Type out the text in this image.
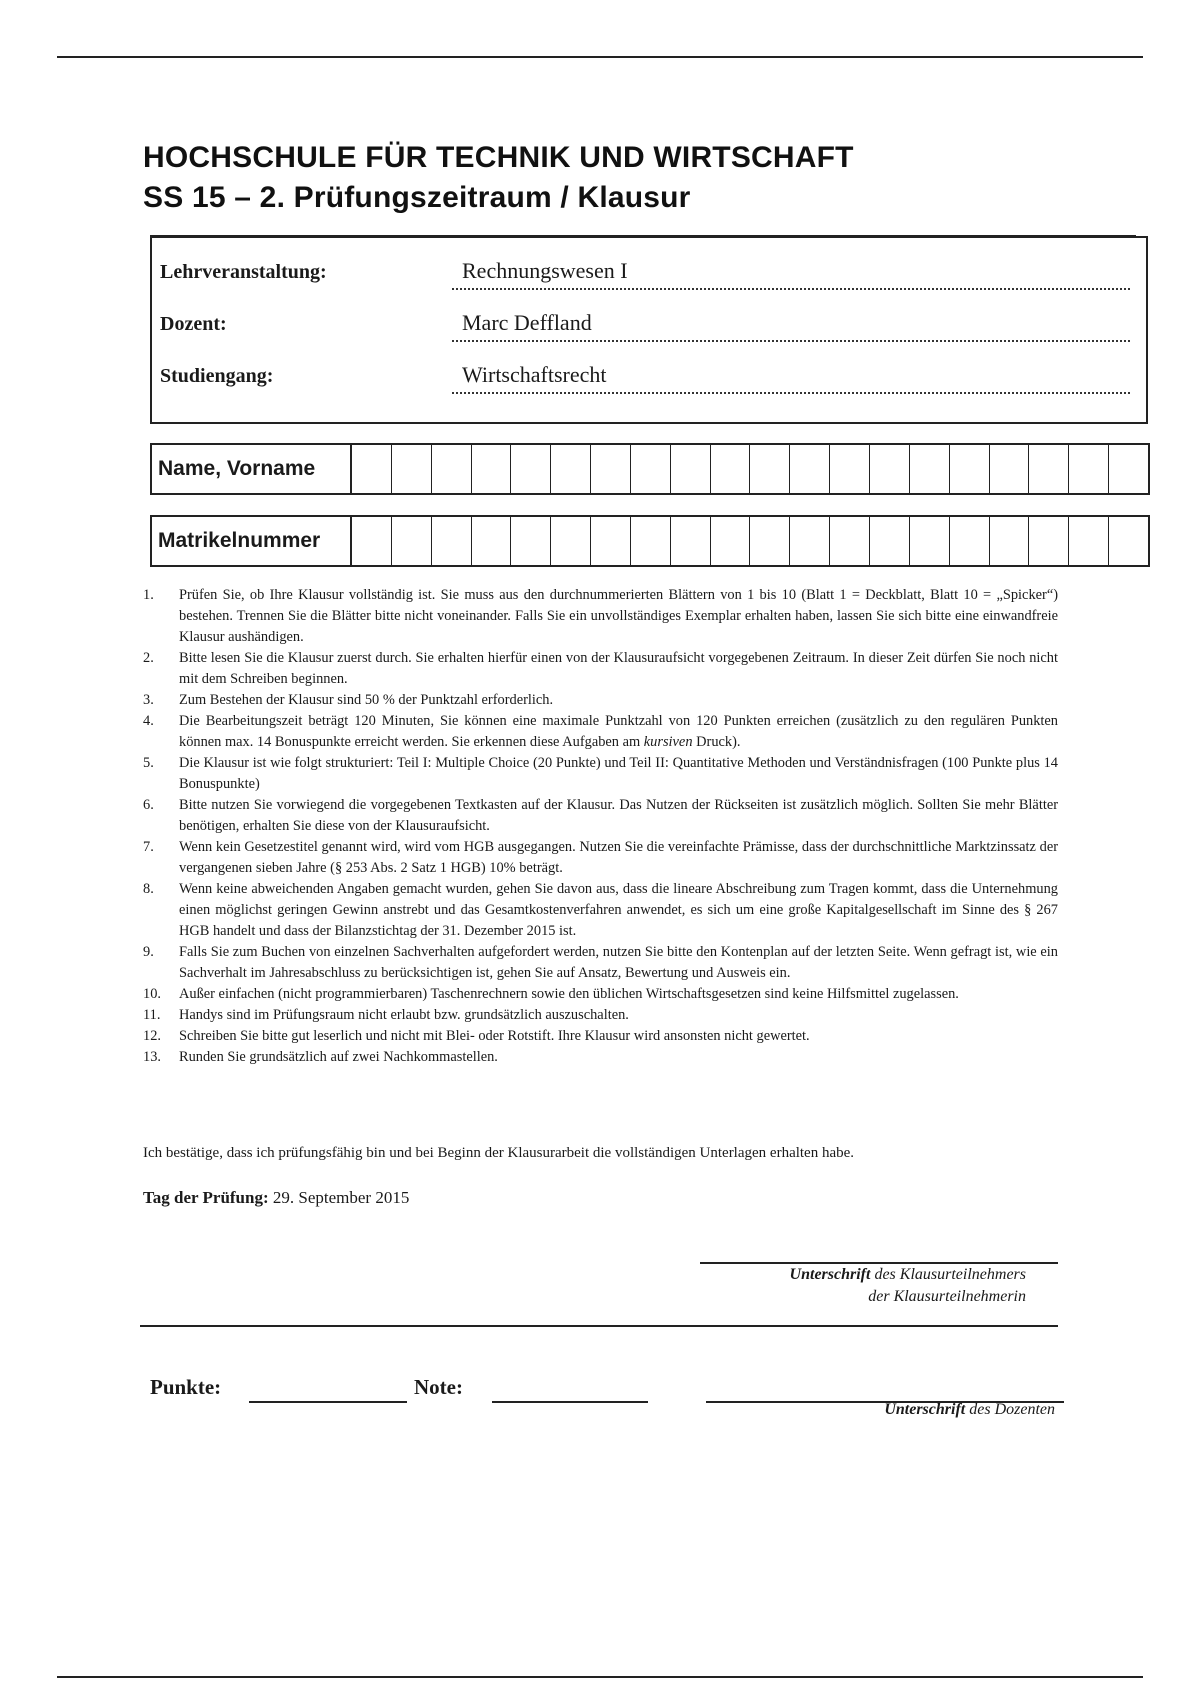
HOCHSCHULE FÜR TECHNIK UND WIRTSCHAFT
SS 15 – 2. Prüfungszeitraum / Klausur
Lehrveranstaltung:	Rechnungswesen I
Dozent:	Marc Deffland
Studiengang:	Wirtschaftsrecht
Name, Vorname
Matrikelnummer
1. Prüfen Sie, ob Ihre Klausur vollständig ist. Sie muss aus den durchnummerierten Blättern von 1 bis 10 (Blatt 1 = Deckblatt, Blatt 10 = „Spicker“) bestehen. Trennen Sie die Blätter bitte nicht voneinander. Falls Sie ein unvollständiges Exemplar erhalten haben, lassen Sie sich bitte eine einwandfreie Klausur aushändigen.
2. Bitte lesen Sie die Klausur zuerst durch. Sie erhalten hierfür einen von der Klausuraufsicht vorgegebenen Zeitraum. In dieser Zeit dürfen Sie noch nicht mit dem Schreiben beginnen.
3. Zum Bestehen der Klausur sind 50 % der Punktzahl erforderlich.
4. Die Bearbeitungszeit beträgt 120 Minuten, Sie können eine maximale Punktzahl von 120 Punkten erreichen (zusätzlich zu den regulären Punkten können max. 14 Bonuspunkte erreicht werden. Sie erkennen diese Aufgaben am kursiven Druck).
5. Die Klausur ist wie folgt strukturiert: Teil I: Multiple Choice (20 Punkte) und Teil II: Quantitative Methoden und Verständnisfragen (100 Punkte plus 14 Bonuspunkte)
6. Bitte nutzen Sie vorwiegend die vorgegebenen Textkasten auf der Klausur. Das Nutzen der Rückseiten ist zusätzlich möglich. Sollten Sie mehr Blätter benötigen, erhalten Sie diese von der Klausuraufsicht.
7. Wenn kein Gesetzestitel genannt wird, wird vom HGB ausgegangen. Nutzen Sie die vereinfachte Prämisse, dass der durchschnittliche Marktzinssatz der vergangenen sieben Jahre (§ 253 Abs. 2 Satz 1 HGB) 10% beträgt.
8. Wenn keine abweichenden Angaben gemacht wurden, gehen Sie davon aus, dass die lineare Abschreibung zum Tragen kommt, dass die Unternehmung einen möglichst geringen Gewinn anstrebt und das Gesamtkostenverfahren anwendet, es sich um eine große Kapitalgesellschaft im Sinne des § 267 HGB handelt und dass der Bilanzstichtag der 31. Dezember 2015 ist.
9. Falls Sie zum Buchen von einzelnen Sachverhalten aufgefordert werden, nutzen Sie bitte den Kontenplan auf der letzten Seite. Wenn gefragt ist, wie ein Sachverhalt im Jahresabschluss zu berücksichtigen ist, gehen Sie auf Ansatz, Bewertung und Ausweis ein.
10. Außer einfachen (nicht programmierbaren) Taschenrechnern sowie den üblichen Wirtschaftsgesetzen sind keine Hilfsmittel zugelassen.
11. Handys sind im Prüfungsraum nicht erlaubt bzw. grundsätzlich auszuschalten.
12. Schreiben Sie bitte gut leserlich und nicht mit Blei- oder Rotstift. Ihre Klausur wird ansonsten nicht gewertet.
13. Runden Sie grundsätzlich auf zwei Nachkommastellen.
Ich bestätige, dass ich prüfungsfähig bin und bei Beginn der Klausurarbeit die vollständigen Unterlagen erhalten habe.
Tag der Prüfung: 29. September 2015
Unterschrift des Klausurteilnehmers
der Klausurteilnehmerin
Punkte:	Note:
Unterschrift des Dozenten
